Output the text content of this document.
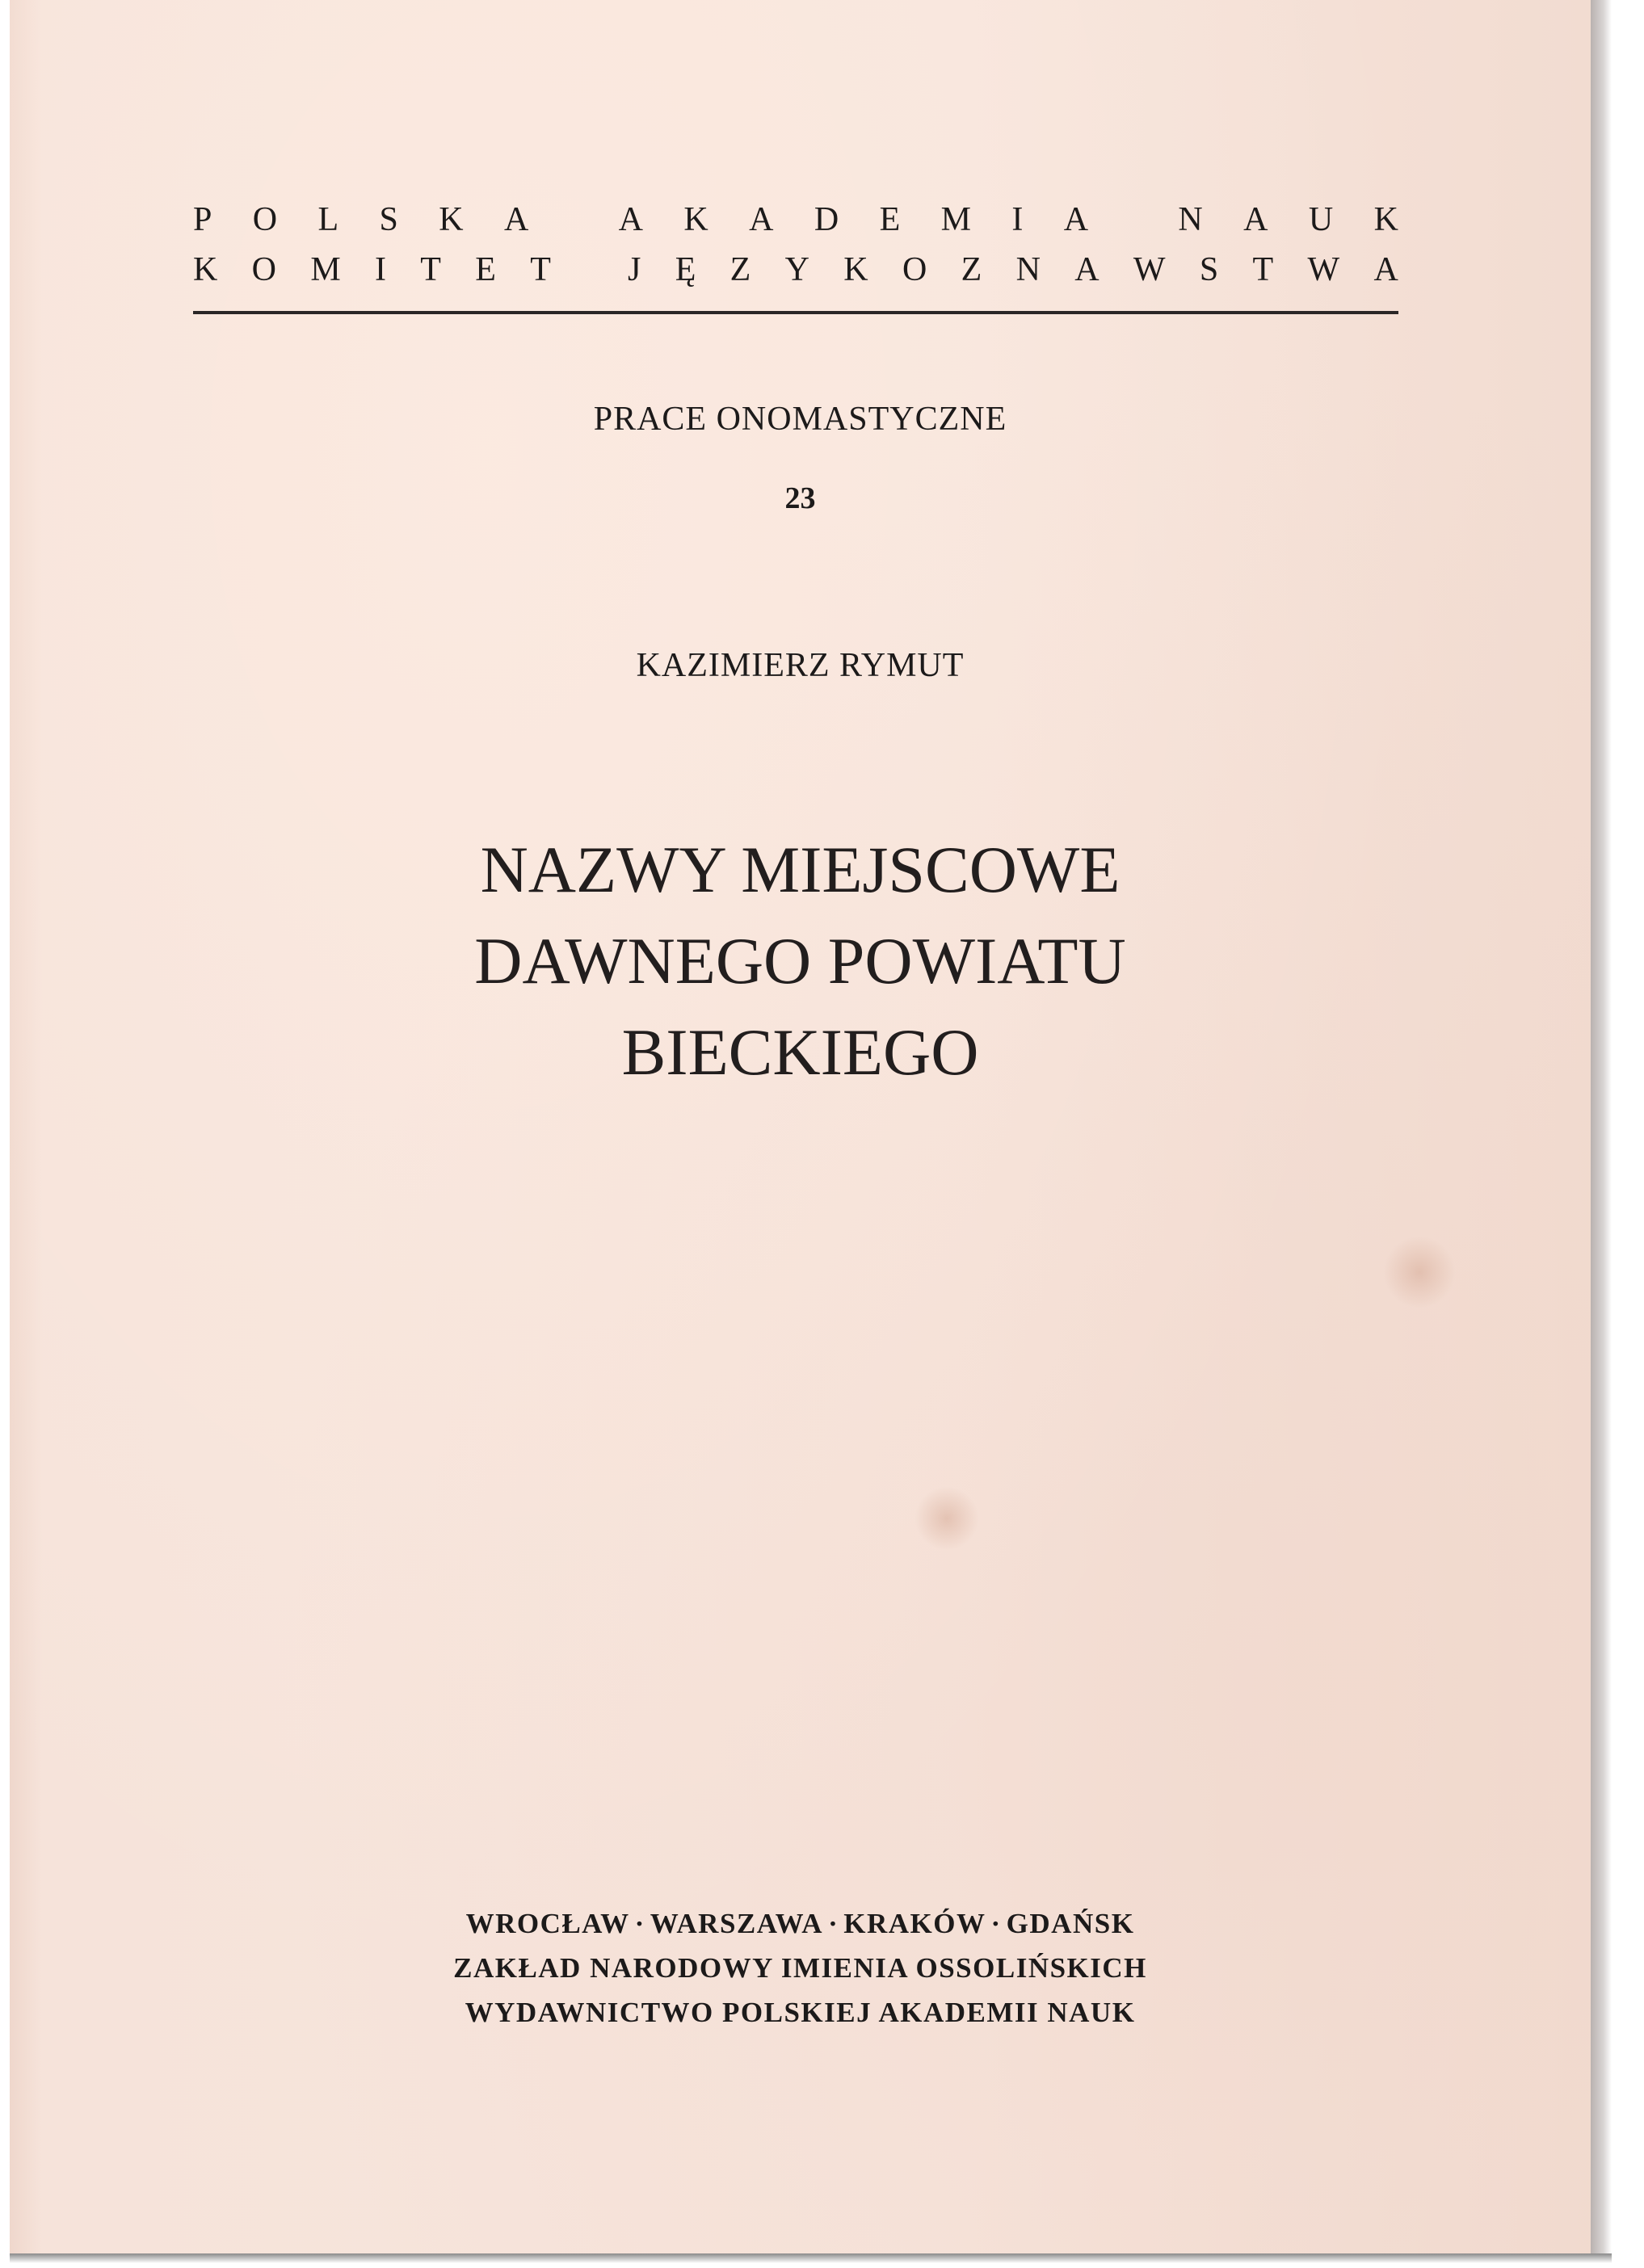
P O L S K A
	A K A D E M I A
	N A U K
K O M I T E T
J Ę Z Y K O Z N A W S T W A
PRACE ONOMASTYCZNE
23
KAZIMIERZ RYMUT
NAZWY MIEJSCOWE
DAWNEGO POWIATU
BIECKIEGO
WROCŁAW · WARSZAWA · KRAKÓW · GDAŃSK
ZAKŁAD NARODOWY IMIENIA OSSOLIŃSKICH
WYDAWNICTWO POLSKIEJ AKADEMII NAUK
